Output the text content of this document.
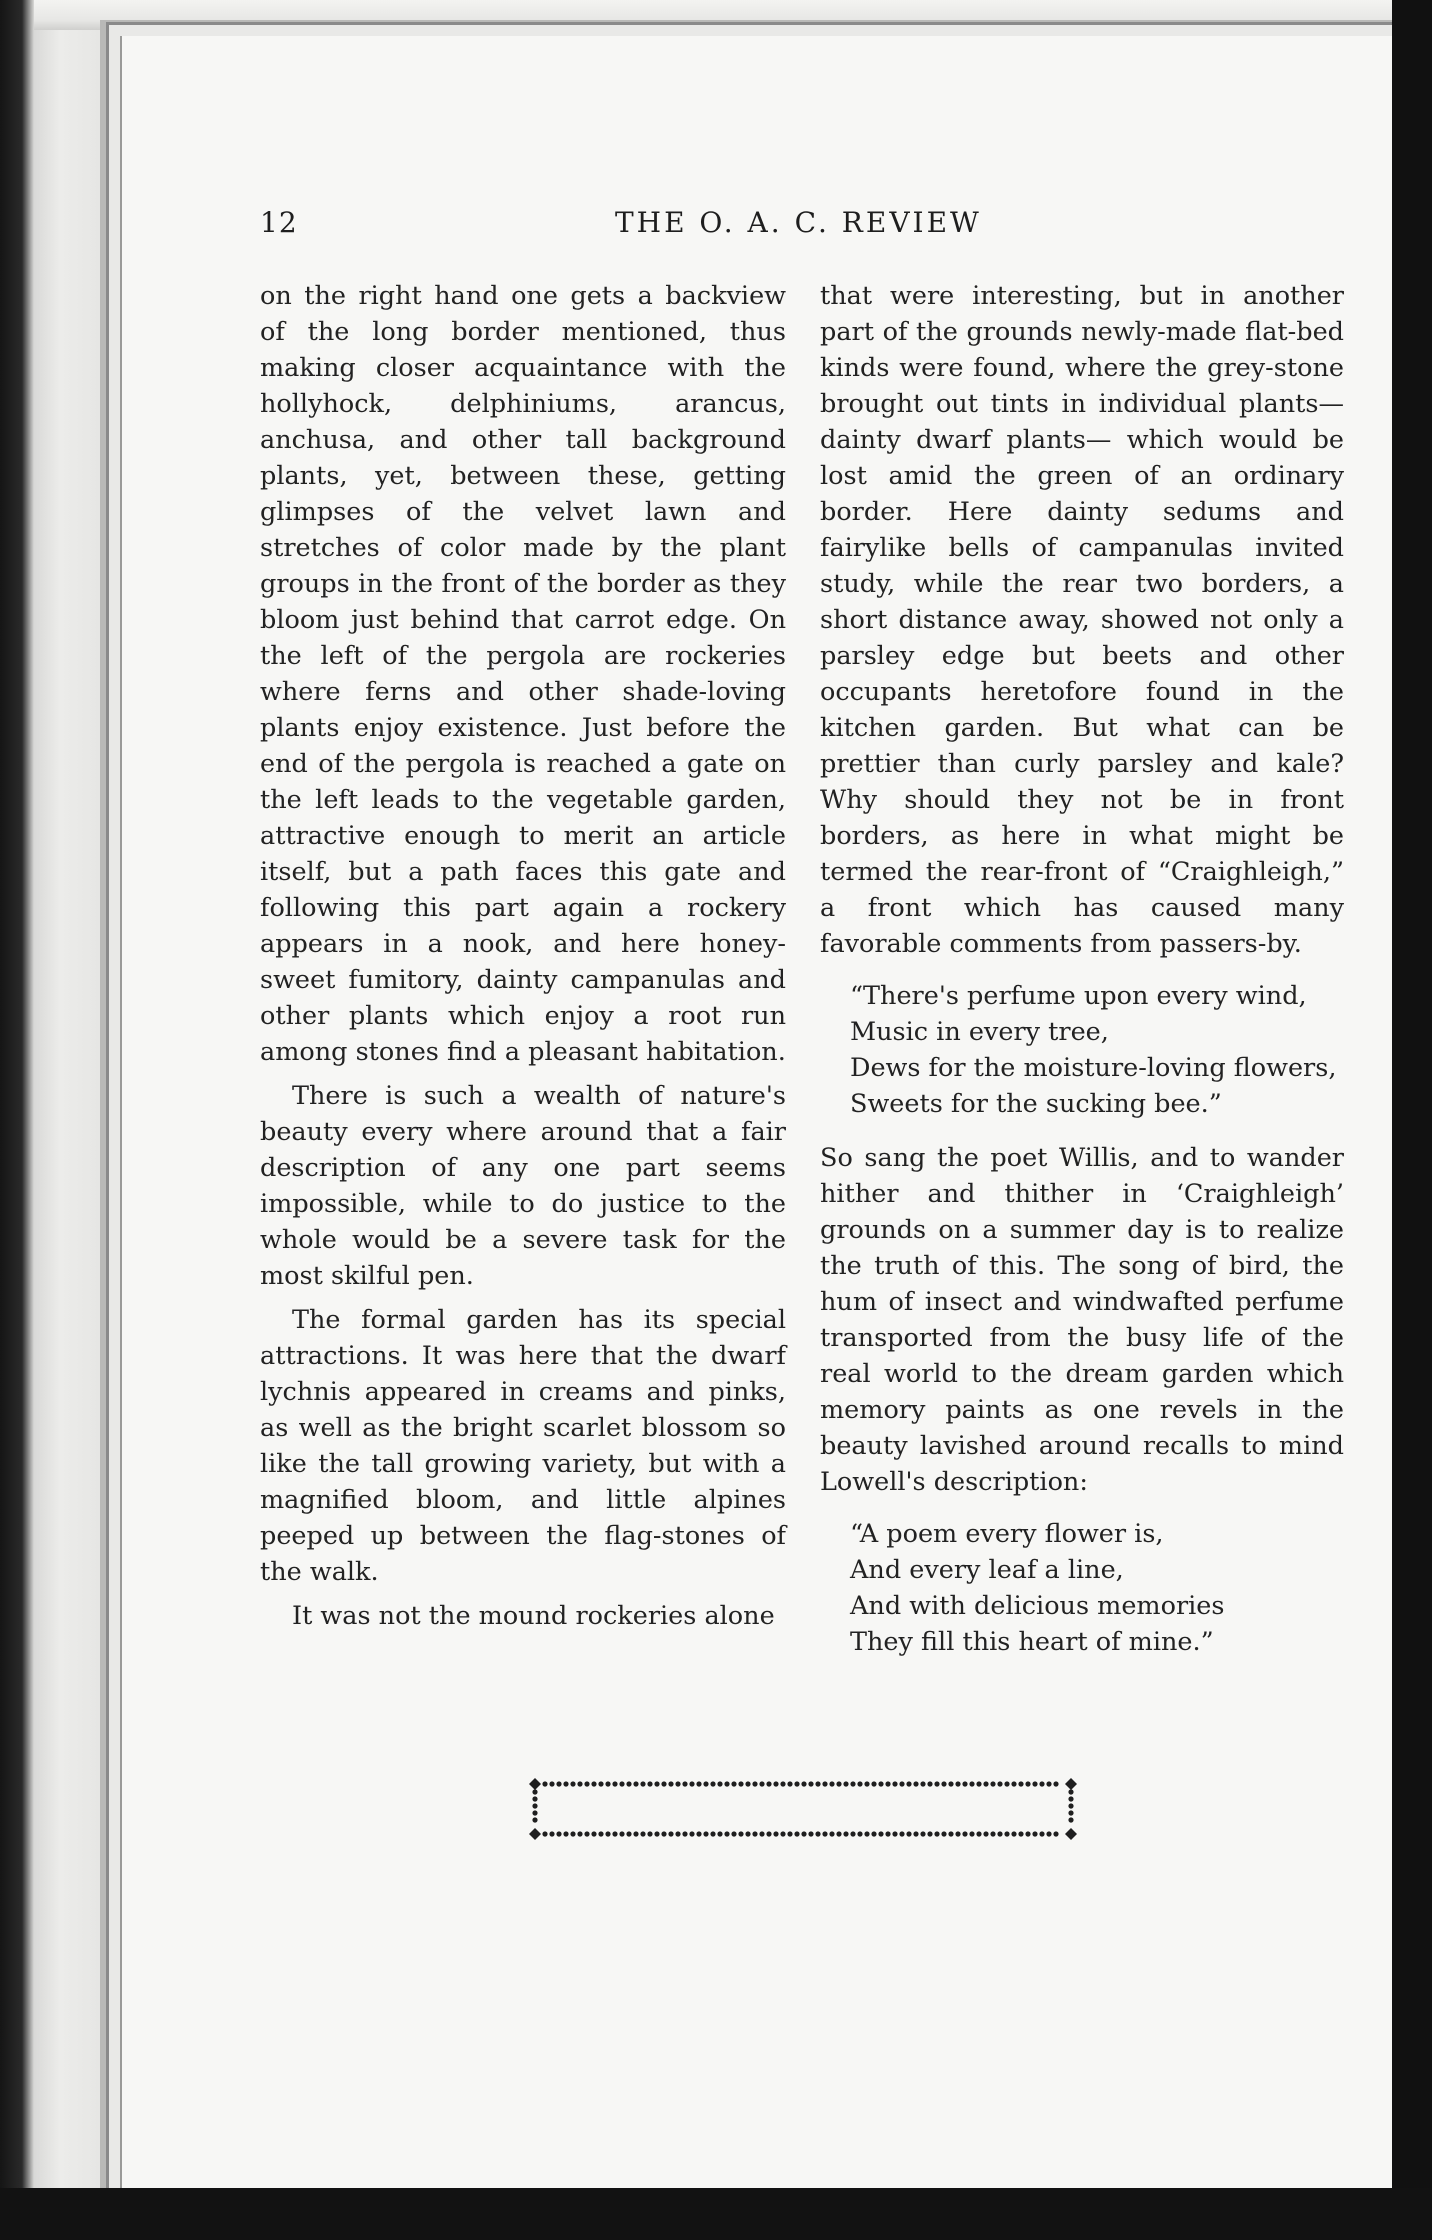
12	THE O. A. C. REVIEW

on the right hand one gets a backview of the long border mentioned, thus making closer acquaintance with the hollyhock, delphiniums, arancus, anchusa, and other tall background plants, yet, between these, getting glimpses of the velvet lawn and stretches of color made by the plant groups in the front of the border as they bloom just behind that carrot edge. On the left of the pergola are rockeries where ferns and other shade-loving plants enjoy existence. Just before the end of the pergola is reached a gate on the left leads to the vegetable garden, attractive enough to merit an article itself, but a path faces this gate and following this part again a rockery appears in a nook, and here honey-sweet fumitory, dainty campanulas and other plants which enjoy a root run among stones find a pleasant habitation.

There is such a wealth of nature's beauty every where around that a fair description of any one part seems impossible, while to do justice to the whole would be a severe task for the most skilful pen.

The formal garden has its special attractions. It was here that the dwarf lychnis appeared in creams and pinks, as well as the bright scarlet blossom so like the tall growing variety, but with a magnified bloom, and little alpines peeped up between the flag-stones of the walk.

It was not the mound rockeries alone

that were interesting, but in another part of the grounds newly-made flat-bed kinds were found, where the grey-stone brought out tints in individual plants—dainty dwarf plants— which would be lost amid the green of an ordinary border. Here dainty sedums and fairylike bells of campanulas invited study, while the rear two borders, a short distance away, showed not only a parsley edge but beets and other occupants heretofore found in the kitchen garden. But what can be prettier than curly parsley and kale? Why should they not be in front borders, as here in what might be termed the rear-front of “Craighleigh,” a front which has caused many favorable comments from passers-by.

“There's perfume upon every wind,
Music in every tree,
Dews for the moisture-loving flowers,
Sweets for the sucking bee.”

So sang the poet Willis, and to wander hither and thither in ‘Craighleigh’ grounds on a summer day is to realize the truth of this. The song of bird, the hum of insect and windwafted perfume transported from the busy life of the real world to the dream garden which memory paints as one revels in the beauty lavished around recalls to mind Lowell's description:

“A poem every flower is,
And every leaf a line,
And with delicious memories
They fill this heart of mine.”
